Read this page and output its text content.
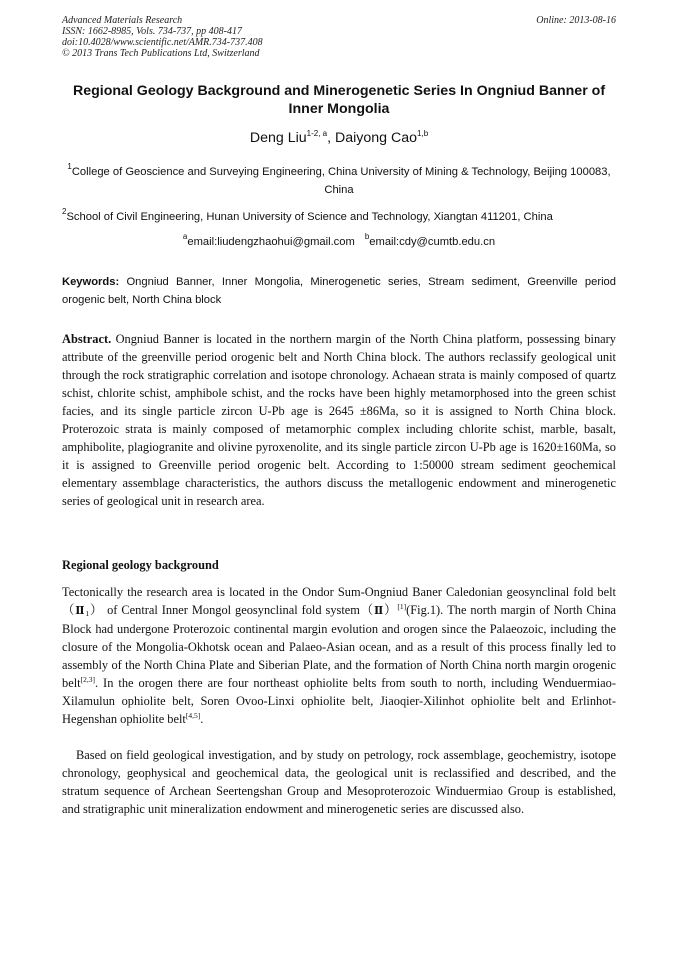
Advanced Materials Research
ISSN: 1662-8985, Vols. 734-737, pp 408-417
doi:10.4028/www.scientific.net/AMR.734-737.408
© 2013 Trans Tech Publications Ltd, Switzerland
Online: 2013-08-16
Regional Geology Background and Minerogenetic Series In Ongniud Banner of Inner Mongolia
Deng Liu$^{1-2, a}$, Daiyong Cao$^{1,b}$
$^1$College of Geoscience and Surveying Engineering, China University of Mining & Technology, Beijing 100083, China
$^2$School of Civil Engineering, Hunan University of Science and Technology, Xiangtan 411201, China
$^a$email:liudengzhaohui@gmail.com $^b$email:cdy@cumtb.edu.cn
Keywords: Ongniud Banner, Inner Mongolia, Minerogenetic series, Stream sediment, Greenville period orogenic belt, North China block
Abstract. Ongniud Banner is located in the northern margin of the North China platform, possessing binary attribute of the greenville period orogenic belt and North China block. The authors reclassify geological unit through the rock stratigraphic correlation and isotope chronology. Achaean strata is mainly composed of quartz schist, chlorite schist, amphibole schist, and the rocks have been highly metamorphosed into the green schist facies, and its single particle zircon U-Pb age is 2645 ±86Ma, so it is assigned to North China block. Proterozoic strata is mainly composed of metamorphic complex including chlorite schist, marble, basalt, amphibolite, plagiogranite and olivine pyroxenolite, and its single particle zircon U-Pb age is 1620±160Ma, so it is assigned to Greenville period orogenic belt. According to 1:50000 stream sediment geochemical elementary assemblage characteristics, the authors discuss the metallogenic endowment and minerogenetic series of geological unit in research area.
Regional geology background
Tectonically the research area is located in the Ondor Sum-Ongniud Baner Caledonian geosynclinal fold $belt(Ⅱ_1)$ of Central Inner Mongol geosynclinal fold system（Ⅱ）[1](Fig.1). The north margin of North China Block had undergone Proterozoic continental margin evolution and orogen since the Palaeozoic, including the closure of the Mongolia-Okhotsk ocean and Palaeo-Asian ocean, and as a result of this process finally led to assembly of the North China Plate and Siberian Plate, and the formation of North China north margin orogenic belt[2,3]. In the orogen there are four northeast ophiolite belts from south to north, including Wenduermiao-Xilamulun ophiolite belt, Soren Ovoo-Linxi ophiolite belt, Jiaoqier-Xilinhot ophiolite belt and Erlinhot-Hegenshan ophiolite belt[4,5].
Based on field geological investigation, and by study on petrology, rock assemblage, geochemistry, isotope chronology, geophysical and geochemical data, the geological unit is reclassified and described, and the stratum sequence of Archean Seertengshan Group and Mesoproterozoic Winduermiao Group is established, and stratigraphic unit mineralization endowment and minerogenetic series are discussed also.
